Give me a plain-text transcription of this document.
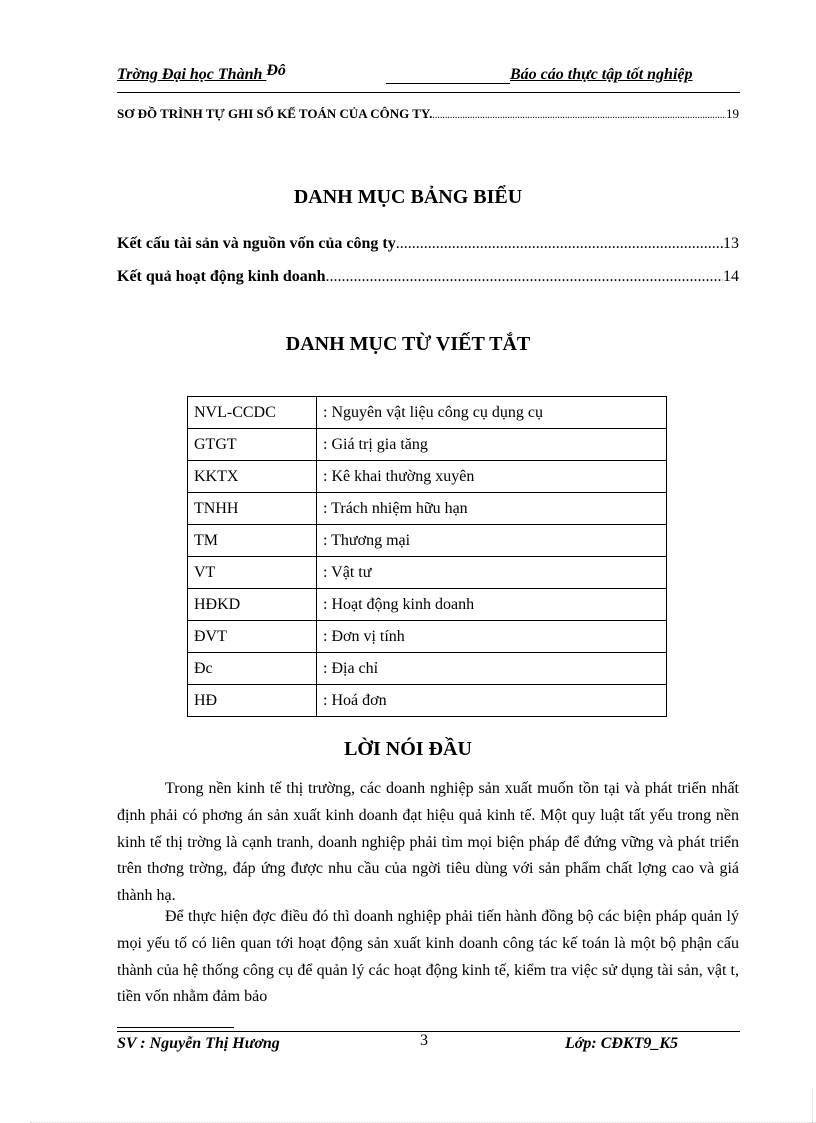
Trờng Đại học Thành Đô	Báo cáo thực tập tốt nghiệp
SƠ ĐỒ TRÌNH TỰ GHI SỔ KẾ TOÁN CỦA CÔNG TY. .....	19
DANH MỤC BẢNG BIỂU
Kết cấu tài sản và nguồn vốn của công ty .....	13
Kết quả hoạt động kinh doanh .....	14
DANH MỤC TỪ VIẾT TẮT
NVL-CCDC	: Nguyên vật liệu công cụ dụng cụ
GTGT	: Giá trị gia tăng
KKTX	: Kê khai thường xuyên
TNHH	: Trách nhiệm hữu hạn
TM	: Thương mại
VT	: Vật tư
HĐKD	: Hoạt động kinh doanh
ĐVT	: Đơn vị tính
Đc	: Địa chỉ
HĐ	: Hoá đơn
LỜI NÓI ĐẦU

Trong nền kinh tế thị trường, các doanh nghiệp sản xuất muốn tồn tại và phát triển nhất định phải có phơng án sản xuất kinh doanh đạt hiệu quả kinh tế. Một quy luật tất yếu trong nền kinh tế thị trờng là cạnh tranh, doanh nghiệp phải tìm mọi biện pháp để đứng vững và phát triển trên thơng trờng, đáp ứng được nhu cầu của ngời tiêu dùng với sản phẩm chất lợng cao và giá thành hạ.

Để thực hiện đợc điều đó thì doanh nghiệp phải tiến hành đồng bộ các biện pháp quản lý mọi yếu tố có liên quan tới hoạt động sản xuất kinh doanh công tác kế toán là một bộ phận cấu thành của hệ thống công cụ để quản lý các hoạt động kinh tế, kiểm tra việc sử dụng tài sản, vật t, tiền vốn nhằm đảm bảo

SV : Nguyễn Thị Hương	3	Lớp: CĐKT9_K5
